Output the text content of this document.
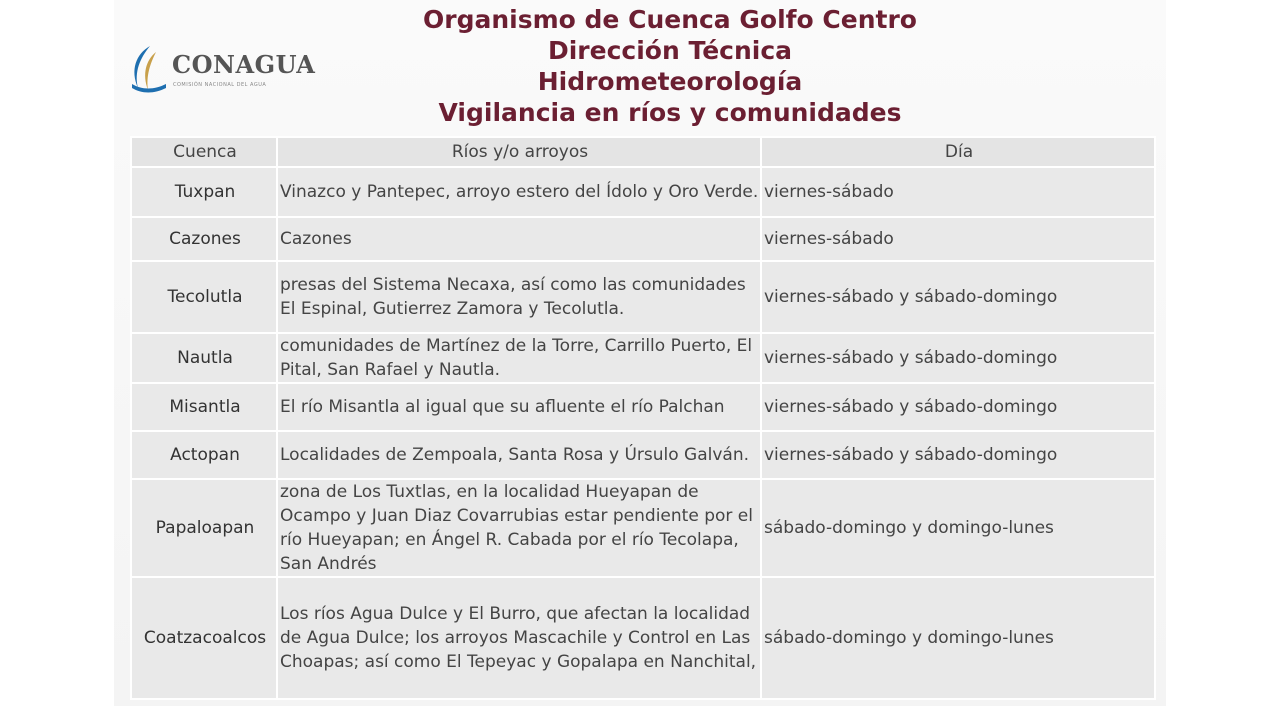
CONAGUA
COMISIÓN NACIONAL DEL AGUA
Organismo de Cuenca Golfo Centro
Dirección Técnica
Hidrometeorología
Vigilancia en ríos y comunidades
Cuenca	Ríos y/o arroyos	Día
Tuxpan	Vinazco y Pantepec, arroyo estero del Ídolo y Oro Verde.	viernes-sábado
Cazones	Cazones	viernes-sábado
Tecolutla	presas del Sistema Necaxa, así como las comunidades El Espinal, Gutierrez Zamora y Tecolutla.	viernes-sábado y sábado-domingo
Nautla	comunidades de Martínez de la Torre, Carrillo Puerto, El Pital, San Rafael y Nautla.	viernes-sábado y sábado-domingo
Misantla	El río Misantla al igual que su afluente el río Palchan	viernes-sábado y sábado-domingo
Actopan	Localidades de Zempoala, Santa Rosa y Úrsulo Galván.	viernes-sábado y sábado-domingo
Papaloapan	zona de Los Tuxtlas, en la localidad Hueyapan de Ocampo y Juan Diaz Covarrubias estar pendiente por el río Hueyapan; en Ángel R. Cabada por el río Tecolapa, San Andrés	sábado-domingo y domingo-lunes
Coatzacoalcos	Los ríos Agua Dulce y El Burro, que afectan la localidad de Agua Dulce; los arroyos Mascachile y Control en Las Choapas; así como El Tepeyac y Gopalapa en Nanchital,	sábado-domingo y domingo-lunes
